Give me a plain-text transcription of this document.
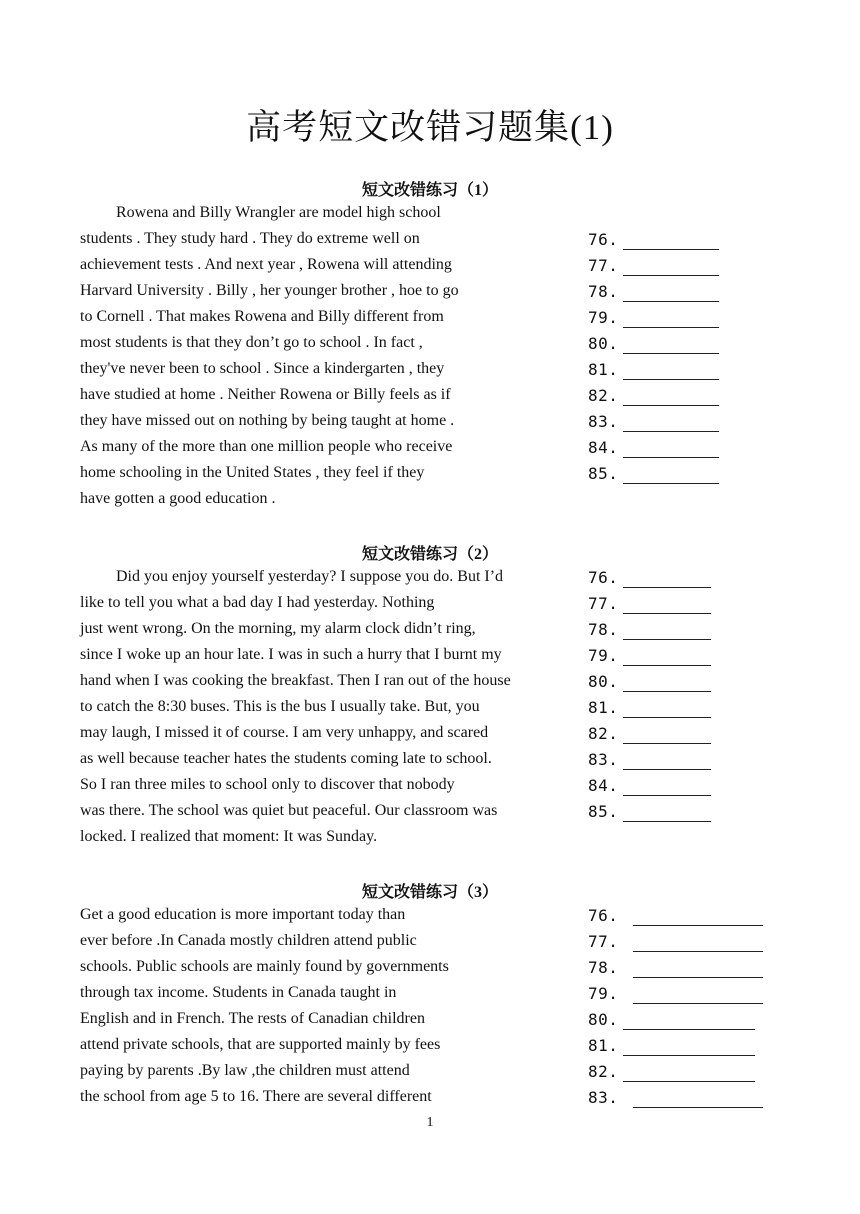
高考短文改错习题集(1)
短文改错练习（1）
Rowena and Billy Wrangler are model high school
students . They study hard . They do extreme well on	76.
achievement tests . And next year , Rowena will attending	77.
Harvard University . Billy , her younger brother , hoe to go	78.
to Cornell . That makes Rowena and Billy different from	79.
most students is that they don’t go to school . In fact ,	80.
they've never been to school . Since a kindergarten , they	81.
have studied at home . Neither Rowena or Billy feels as if	82.
they have missed out on nothing by being taught at home .	83.
As many of the more than one million people who receive	84.
home schooling in the United States , they feel if they	85.
have gotten a good education .
短文改错练习（2）
Did you enjoy yourself yesterday? I suppose you do. But I’d	76.
like to tell you what a bad day I had yesterday. Nothing	77.
just went wrong. On the morning, my alarm clock didn’t ring,	78.
since I woke up an hour late. I was in such a hurry that I burnt my	79.
hand when I was cooking the breakfast. Then I ran out of the house	80.
to catch the 8:30 buses. This is the bus I usually take. But, you	81.
may laugh, I missed it of course. I am very unhappy, and scared	82.
as well because teacher hates the students coming late to school.	83.
So I ran three miles to school only to discover that nobody	84.
was there. The school was quiet but peaceful. Our classroom was	85.
locked. I realized that moment: It was Sunday.
短文改错练习（3）
Get a good education is more important today than	76.
ever before .In Canada mostly children attend public	77.
schools. Public schools are mainly found by governments	78.
through tax income. Students in Canada taught in	79.
English and in French. The rests of Canadian children	80.
attend private schools, that are supported mainly by fees	81.
paying by parents .By law ,the children must attend	82.
the school from age 5 to 16. There are several different	83.
1
